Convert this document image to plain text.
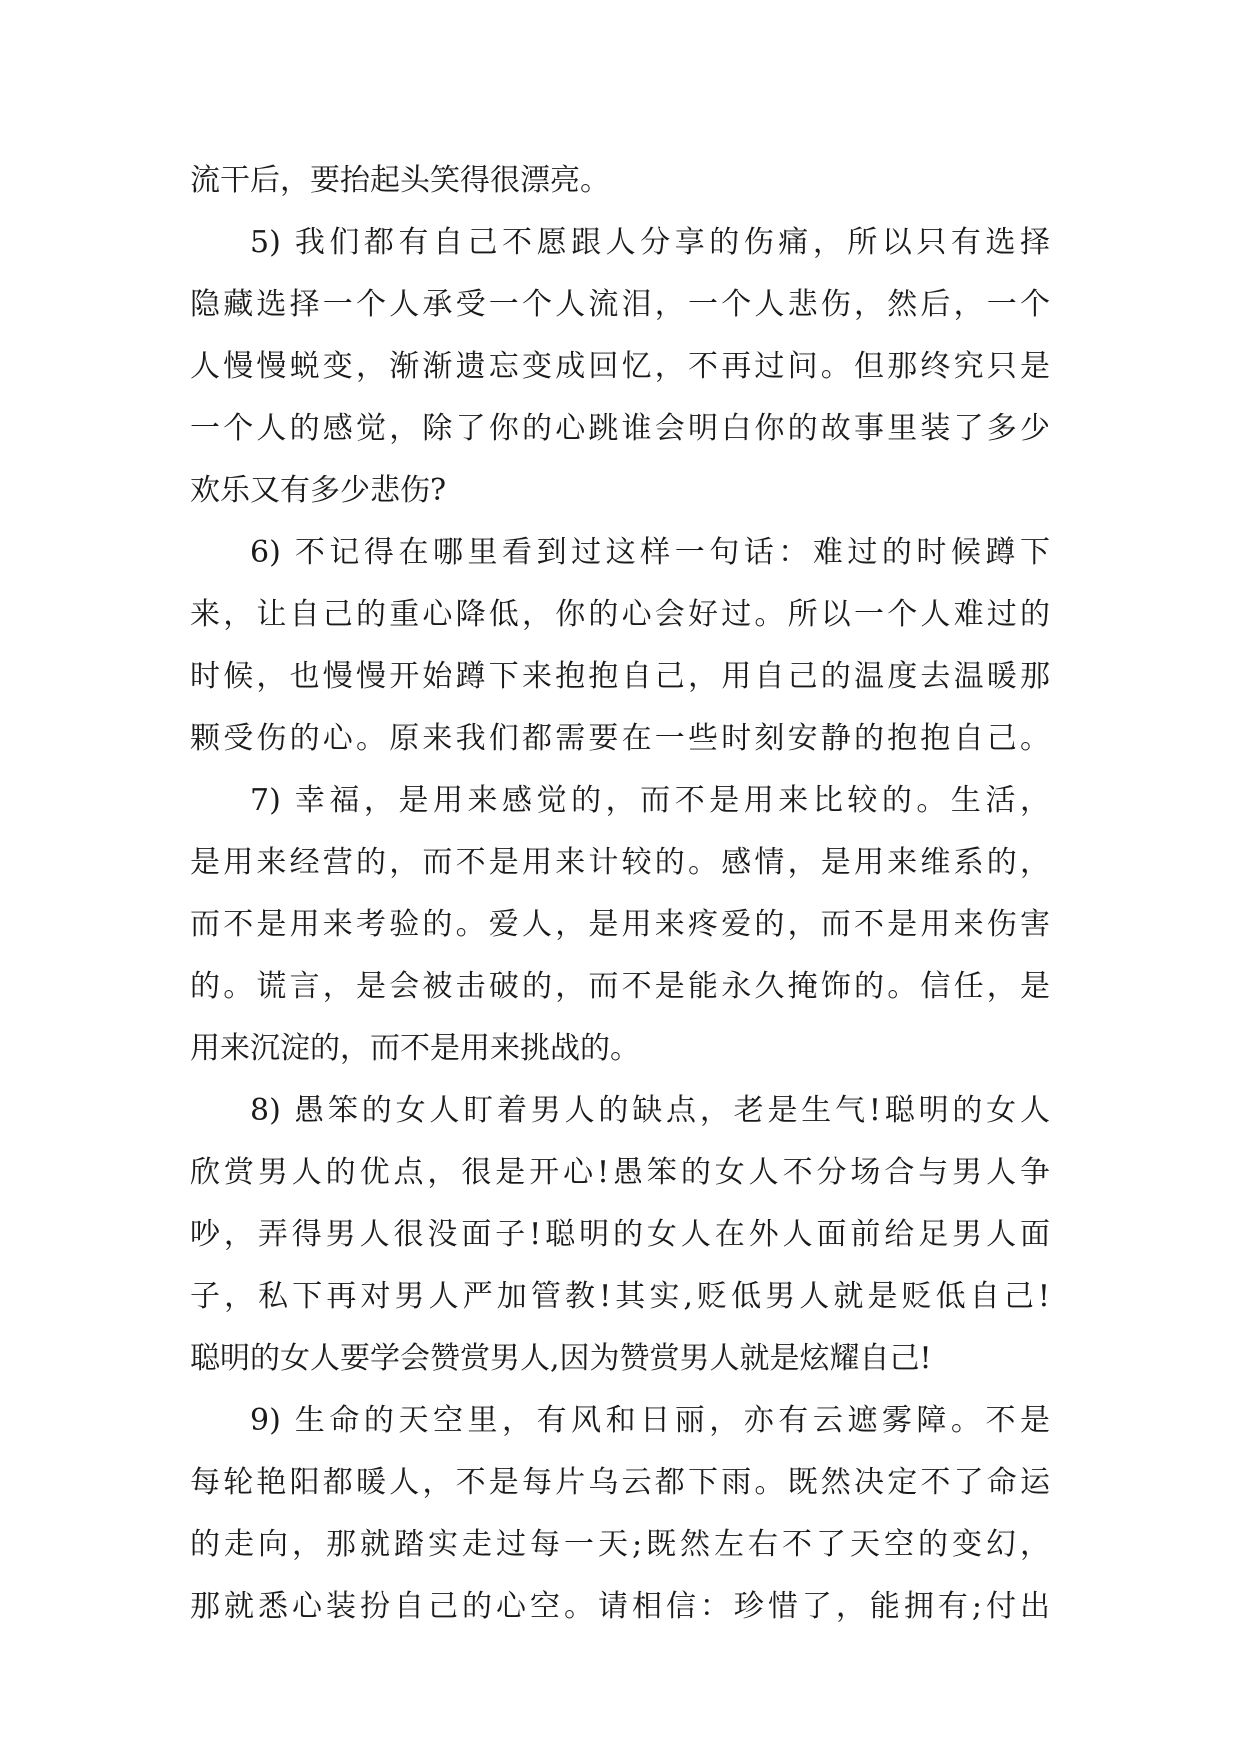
流干后，要抬起头笑得很漂亮。
5) 我们都有自己不愿跟人分享的伤痛，所以只有选择
隐藏选择一个人承受一个人流泪，一个人悲伤，然后，一个
人慢慢蜕变，渐渐遗忘变成回忆，不再过问。但那终究只是
一个人的感觉，除了你的心跳谁会明白你的故事里装了多少
欢乐又有多少悲伤?
6) 不记得在哪里看到过这样一句话：难过的时候蹲下
来，让自己的重心降低，你的心会好过。所以一个人难过的
时候，也慢慢开始蹲下来抱抱自己，用自己的温度去温暖那
颗受伤的心。原来我们都需要在一些时刻安静的抱抱自己。
7) 幸福，是用来感觉的，而不是用来比较的。生活，
是用来经营的，而不是用来计较的。感情，是用来维系的，
而不是用来考验的。爱人，是用来疼爱的，而不是用来伤害
的。谎言，是会被击破的，而不是能永久掩饰的。信任，是
用来沉淀的，而不是用来挑战的。
8) 愚笨的女人盯着男人的缺点，老是生气!聪明的女人
欣赏男人的优点，很是开心!愚笨的女人不分场合与男人争
吵，弄得男人很没面子!聪明的女人在外人面前给足男人面
子，私下再对男人严加管教!其实,贬低男人就是贬低自己!
聪明的女人要学会赞赏男人,因为赞赏男人就是炫耀自己!
9) 生命的天空里，有风和日丽，亦有云遮雾障。不是
每轮艳阳都暖人，不是每片乌云都下雨。既然决定不了命运
的走向，那就踏实走过每一天;既然左右不了天空的变幻，
那就悉心装扮自己的心空。请相信：珍惜了，能拥有;付出
